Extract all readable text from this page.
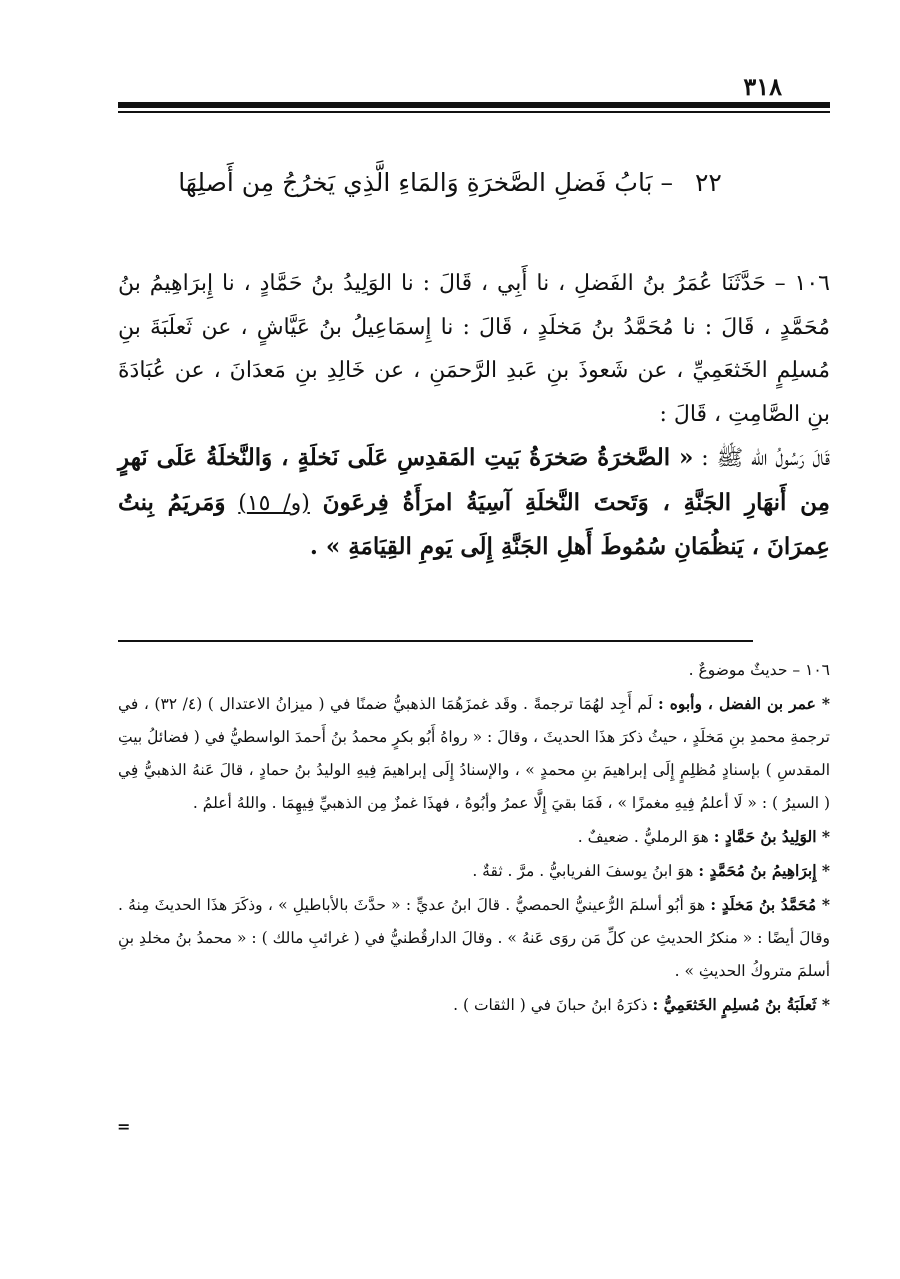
٣١٨
٢٢ – بَابُ فَضلِ الصَّخرَةِ وَالمَاءِ الَّذِي يَخرُجُ مِن أَصلِهَا

١٠٦ – حَدَّثَنَا عُمَرُ بنُ الفَضلِ ، نا أَبِي ، قَالَ : نا الوَلِيدُ بنُ حَمَّادٍ ، نا إِبرَاهِيمُ بنُ مُحَمَّدٍ ، قَالَ : نا مُحَمَّدُ بنُ مَخلَدٍ ، قَالَ : نا إِسمَاعِيلُ بنُ عَيَّاشٍ ، عن ثَعلَبَةَ بنِ مُسلِمٍ الخَثعَمِيِّ ، عن شَعوذَ بنِ عَبدِ الرَّحمَنِ ، عن خَالِدِ بنِ مَعدَانَ ، عن عُبَادَةَ بنِ الصَّامِتِ ، قَالَ :

قَالَ رَسُولُ الله ﷺ : « الصَّخرَةُ صَخرَةُ بَيتِ المَقدِسِ عَلَى نَخلَةٍ ، وَالنَّخلَةُ عَلَى نَهرٍ مِن أَنهَارِ الجَنَّةِ ، وَتَحتَ النَّخلَةِ آسِيَةُ امرَأَةُ فِرعَونَ (و/ ١٥) وَمَريَمُ بِنتُ عِمرَانَ ، يَنظُمَانِ سُمُوطَ أَهلِ الجَنَّةِ إِلَى يَومِ القِيَامَةِ » .

١٠٦ – حديثٌ موضوعٌ .

* عمر بن الفضل ، وأبوه : لَم أَجِد لهُمَا ترجمةً . وقَد غمزَهُمَا الذهبيُّ ضمنًا في ( ميزانُ الاعتدال ) (٤/ ٣٢) ، في ترجمةِ محمدِ بنِ مَخلَدٍ ، حيثُ ذكرَ هذَا الحديثَ ، وقالَ : « رواهُ أَبُو بكرٍ محمدُ بنُ أَحمدَ الواسطيُّ في ( فضائلُ بيتِ المقدسِ ) بإسنادٍ مُظلِمٍ إِلَى إبراهيمَ بنِ محمدٍ » ، والإسنادُ إِلَى إبراهيمَ فِيهِ الوليدُ بنُ حمادٍ ، قالَ عَنهُ الذهبيُّ فِي ( السيرُ ) : « لَا أعلمُ فِيهِ مغمزًا » ، فَمَا بقيَ إِلَّا عمرُ وأبُوهُ ، فهذَا غمزٌ مِن الذهبيِّ فِيهِمَا . واللهُ أعلمُ .

* الوَلِيدُ بنُ حَمَّادٍ : هوَ الرمليُّ . ضعيفٌ .

* إِبرَاهِيمُ بنُ مُحَمَّدٍ : هوَ ابنُ يوسفَ الفريابيُّ . مرَّ . ثقةٌ .

* مُحَمَّدُ بنُ مَخلَدٍ : هوَ أبُو أسلمَ الرُّعينيُّ الحمصيُّ . قالَ ابنُ عديٍّ : « حدَّثَ بالأباطيلِ » ، وذكَرَ هذَا الحديثَ مِنهُ . وقالَ أيضًا : « منكرُ الحديثِ عن كلِّ مَن روَى عَنهُ » . وقالَ الدارقُطنيُّ في ( غرائبِ مالك ) : « محمدُ بنُ مخلدِ بنِ أسلمَ متروكُ الحديثِ » .

* ثَعلَبَةُ بنُ مُسلِمٍ الخَثعَمِيُّ : ذكرَهُ ابنُ حبانَ في ( الثقات ) .

=
